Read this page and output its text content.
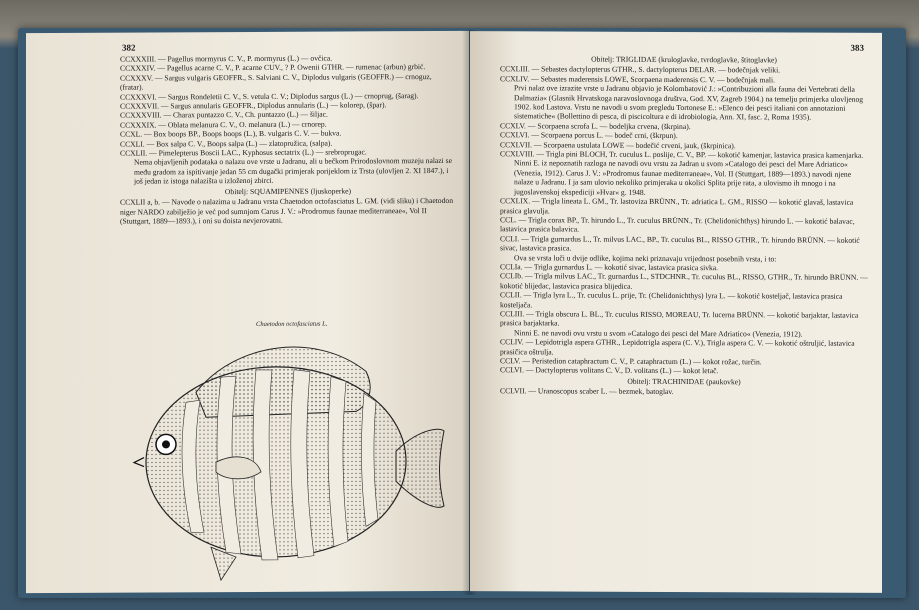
382

CCXXXIII. — Pagellus mormyrus C. V., P. mormyrus (L.) — ovčica.

CCXXXIV. — Pagellus acarne C. V., P. acarne CUV., ? P. Owenii GTHR. — rumenac (arbun) grbić.

CCXXXV. — Sargus vulgaris GEOFFR., S. Salviani C. V., Diplodus vulgaris (GEOFFR.) — crnoguz, (fratar).

CCXXXVI. — Sargus Rondeletii C. V., S. vetula C. V.; Diplodus sargus (L.) — crnoprug, (šarag).

CCXXXVII. — Sargus annularis GEOFFR., Diplodus annularis (L.) — kolorep, (špar).

CCXXXVIII. — Charax puntazzo C. V., Ch. puntazzo (L.) — šiljac.

CCXXXIX. — Oblata melanura C. V., O. melanura (L.) — crnorep.

CCXL. — Box boops BP., Boops boops (L.), B. vulgaris C. V. — bukva.

CCXLI. — Box salpa C. V., Boops salpa (L.) — zlatopružica, (salpa).

CCXLII. — Pimelepterus Boscii LAC., Kyphosus sectatrix (L.) — srebroprugac.

Nema objavljenih podataka o nalazu ove vrste u Jadranu, ali u bečkom Prirodoslovnom muzeju nalazi se među gradom za ispitivanje jedan 55 cm dugački primjerak porijeklom iz Trsta (ulovljen 2. XI 1847.), i još jedan iz istoga nalazišta u izloženoj zbirci.

Obitelj: SQUAMIPENNES (ljuskoperke)

CCXLII a, b. — Navode o nalazima u Jadranu vrsta Chaetodon octofasciatus L. GM. (vidi sliku) i Chaetodon niger NARDO zabilježio je već pod sumnjom Carus J. V.: »Prodromus faunae mediterraneae«, Vol II (Stuttgart, 1889—1893.), i oni su doista nevjerovatni.

Chaetodon octofasciatus L.
383

Obitelj: TRIGLIDAE (kruloglavke, tvrdoglavke, štitoglavke)

CCXLIII. — Sebastes dactylopterus GTHR., S. dactylopterus DELAR. — bodečnjak veliki.

CCXLIV. — Sebastes maderensis LOWE, Scorpaena maderensis C. V. — bodečnjak mali.

Prvi nalaz ove izrazite vrste u Jadranu objavio je Kolombatović J.: »Contribuzioni alla fauna dei Vertebrati della Dalmazia« (Glasnik Hrvatskoga naravoslovnoga društva, God. XV, Zagreb 1904.) na temelju primjerka ulovljenog 1902. kod Lastova. Vrstu ne navodi u svom pregledu Tortonese E.: »Elenco dei pesci italiani con annotazioni sistematiche« (Bollettino di pesca, di piscicoltura e di idrobiologia, Ann. XI, fasc. 2, Roma 1935).

CCXLV. — Scorpaena scrofa L. — bodeljka crvena, (škrpina).

CCXLVI. — Scorpaena porcus L. — bodeč crni, (škrpun).

CCXLVII. — Scorpaena ustulata LOWE — bodečić crveni, jauk, (škrpinica).

CCXLVIII. — Trigla pini BLOCH, Tr. cuculus L. poslije, C. V., BP. — kokotić kamenjar, lastavica prasica kamenjarka.

Ninni E. iz nepoznatih razloga ne navodi ovu vrstu za Jadran u svom »Catalogo dei pesci del Mare Adriatico« (Venezia, 1912). Carus J. V.: »Prodromus faunae mediterraneae«, Vol. II (Stuttgart, 1889—1893.) navodi njene nalaze u Jadranu. I ja sam ulovio nekoliko primjeraka u okolici Splita prije rata, a ulovismo ih mnogo i na jugoslavenskoj ekspediciji »Hvar« g. 1948.

CCXLIX. — Trigla lineata L. GM., Tr. lastoviza BRÜNN., Tr. adriatica L. GM., RISSO — kokotić glavaš, lastavica prasica glavulja.

CCL. — Trigla corax BP., Tr. hirundo L., Tr. cuculus BRÜNN., Tr. (Chelidonichthys) hirundo L. — kokotić balavac, lastavica prasica balavica.

CCLI. — Trigla gurnardus L., Tr. milvus LAC., BP., Tr. cuculus BL., RISSO GTHR., Tr. hirundo BRÜNN. — kokotić sivac, lastavica prasica.

Ova se vrsta luči u dvije odlike, kojima neki priznavaju vrijednost posebnih vrsta, i to:

CCLIa. — Trigla gurnardus L. — kokotić sivac, lastavica prasica sivka.

CCLIb. — Trigla milvus LAC., Tr. gurnardus L., STDCHNR., Tr. cuculus BL., RISSO, GTHR., Tr. hirundo BRÜNN. — kokotić blijedac, lastavica prasica blijedica.

CCLII. — Trigla lyra L., Tr. cuculus L. prije, Tr. (Chelidonichthys) lyra L. — kokotić kosteljač, lastavica prasica kosteljača.

CCLIII. — Trigla obscura L. BL., Tr. cuculus RISSO, MOREAU, Tr. lucerna BRÜNN. — kokotić barjaktar, lastavica prasica barjaktarka.

Ninni E. ne navodi ovu vrstu u svom »Catalogo dei pesci del Mare Adriatico« (Venezia, 1912).

CCLIV. — Lepidotrigla aspera GTHR., Lepidotrigla aspera (C. V.), Trigla aspera C. V. — kokotić oštruljić, lastavica prasičica oštrulja.

CCLV. — Peristedion cataphractum C. V., P. cataphractum (L.) — kokot rožac, turčin.

CCLVI. — Dactylopterus volitans C. V., D. volitans (L.) — kokot letač.

Obitelj: TRACHINIDAE (paukovke)

CCLVII. — Uranoscopus scaber L. — bezmek, batoglav.
